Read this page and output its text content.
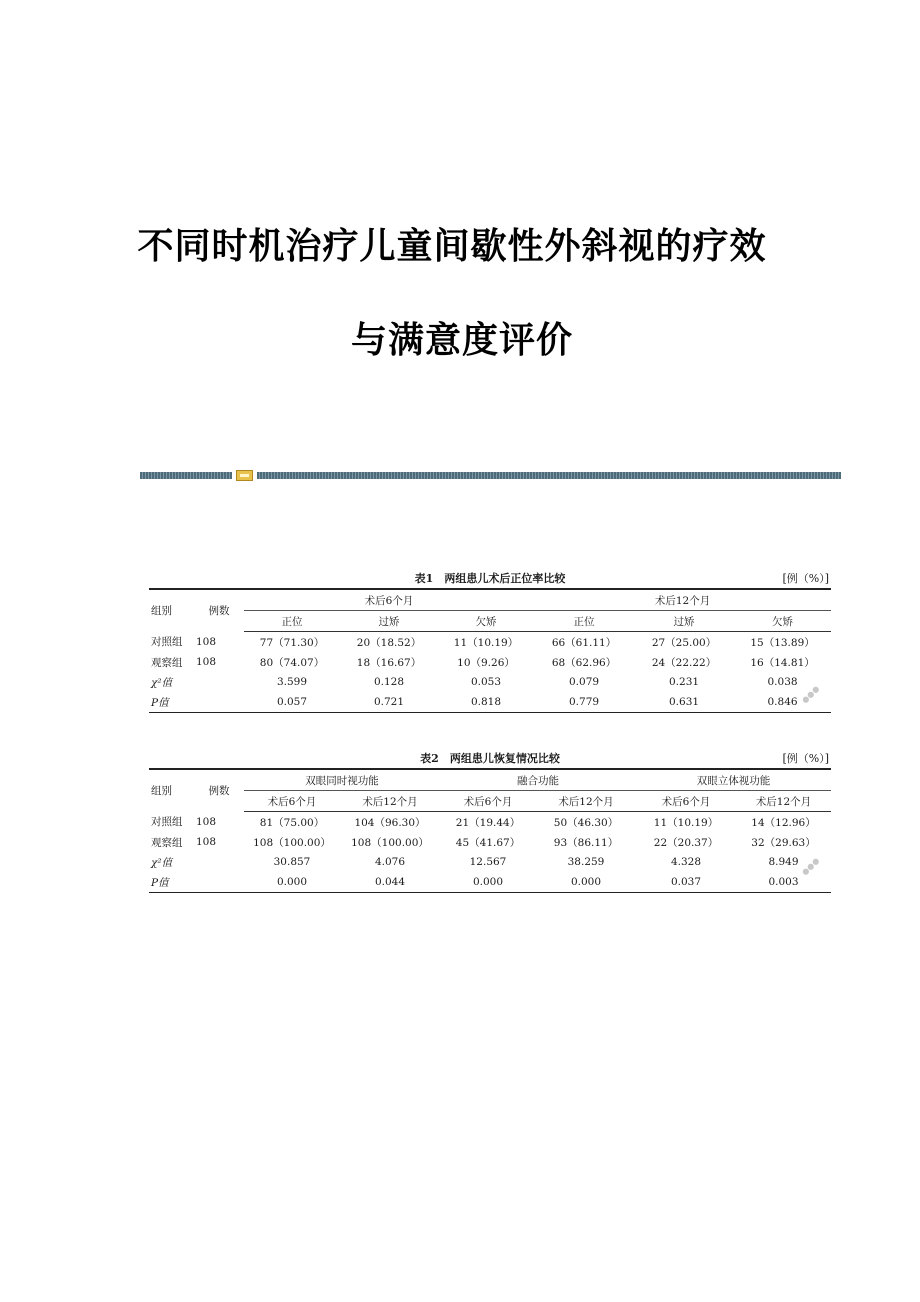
不同时机治疗儿童间歇性外斜视的疗效
与满意度评价
表1　两组患儿术后正位率比较	[例（%）]
组别	例数	术后6个月			术后12个月		
		正位	过矫	欠矫	正位	过矫	欠矫
对照组	108	77（71.30）	20（18.52）	11（10.19）	66（61.11）	27（25.00）	15（13.89）
观察组	108	80（74.07）	18（16.67）	10（9.26）	68（62.96）	24（22.22）	16（14.81）
χ²值		3.599	0.128	0.053	0.079	0.231	0.038
P值		0.057	0.721	0.818	0.779	0.631	0.846
表2　两组患儿恢复情况比较	[例（%）]
组别	例数	双眼同时视功能		融合功能		双眼立体视功能	
		术后6个月	术后12个月	术后6个月	术后12个月	术后6个月	术后12个月
对照组	108	81（75.00）	104（96.30）	21（19.44）	50（46.30）	11（10.19）	14（12.96）
观察组	108	108（100.00）	108（100.00）	45（41.67）	93（86.11）	22（20.37）	32（29.63）
χ²值		30.857	4.076	12.567	38.259	4.328	8.949
P值		0.000	0.044	0.000	0.000	0.037	0.003
●●●
●●●
